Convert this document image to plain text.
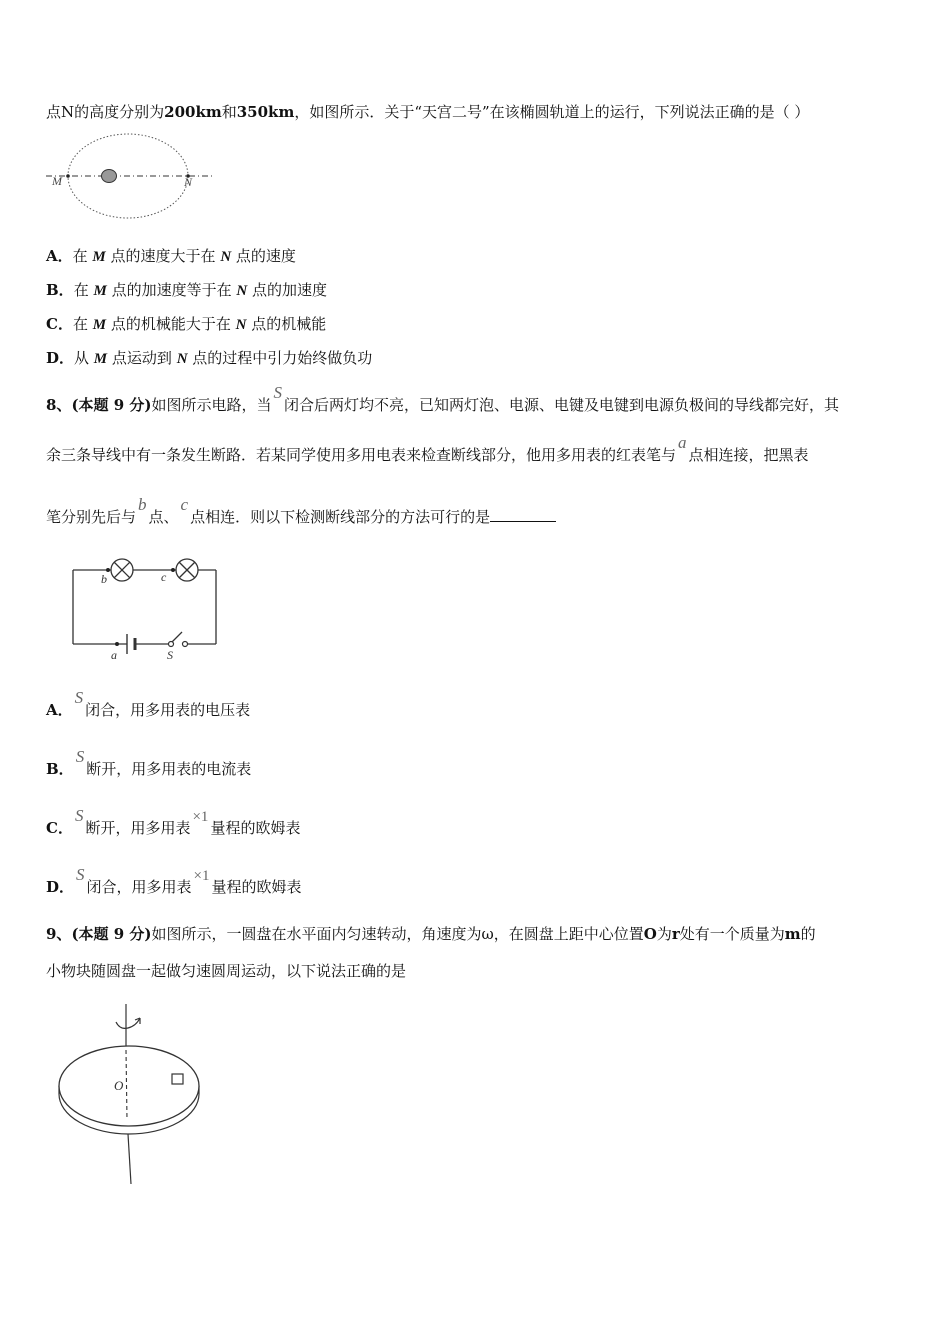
点N的高度分别为200km和350km，如图所示．关于“天宫二号”在该椭圆轨道上的运行，下列说法正确的是（ ）
M	N
A．在 M 点的速度大于在 N 点的速度
B．在 M 点的加速度等于在 N 点的加速度
C．在 M 点的机械能大于在 N 点的机械能
D．从 M 点运动到 N 点的过程中引力始终做负功
8、(本题 9 分)如图所示电路，当S闭合后两灯均不亮，已知两灯泡、电源、电键及电键到电源负极间的导线都完好，其
余三条导线中有一条发生断路．若某同学使用多用电表来检查断线部分，他用多用表的红表笔与a点相连接，把黑表
笔分别先后与b点、c点相连．则以下检测断线部分的方法可行的是
b	c
a	S
A．S闭合，用多用表的电压表
B．S断开，用多用表的电流表
C．S断开，用多用表×1量程的欧姆表
D．S闭合，用多用表×1量程的欧姆表
9、(本题 9 分)如图所示，一圆盘在水平面内匀速转动，角速度为ω，在圆盘上距中心位置O为r处有一个质量为m的
小物块随圆盘一起做匀速圆周运动，以下说法正确的是
O
